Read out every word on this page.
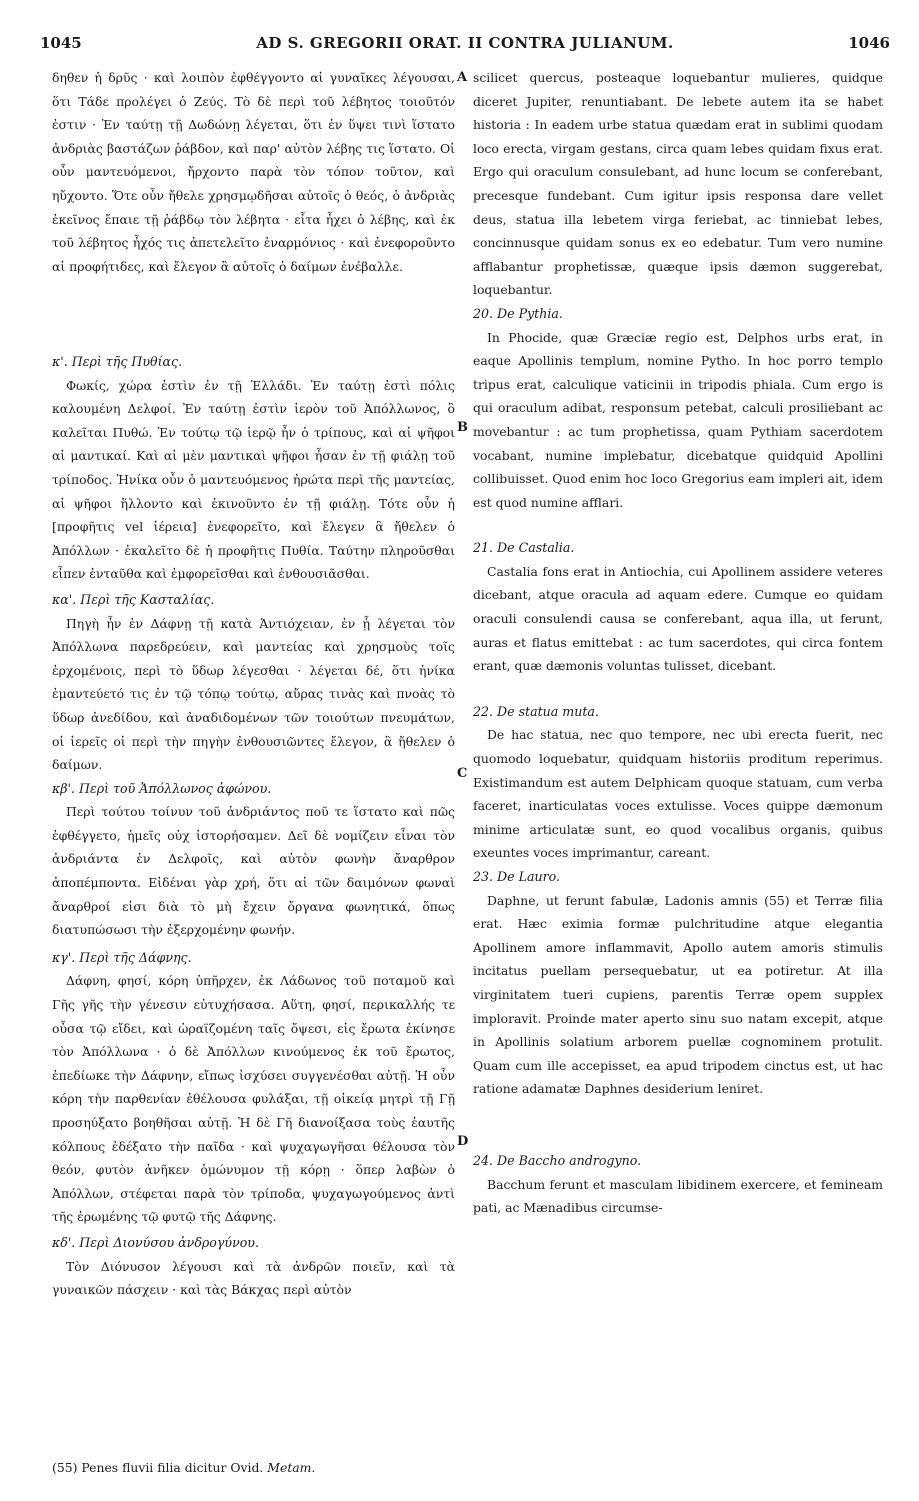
1045	AD S. GREGORII ORAT. II CONTRA JULIANUM.	1046

δηθεν ἡ δρῦς · καὶ λοιπὸν ἐφθέγγοντο αἱ γυναῖκες λέγουσαι, ὅτι Τάδε προλέγει ὁ Ζεύς. Τὸ δὲ περὶ τοῦ λέβητος τοιοῦτόν ἐστιν · Ἐν ταύτῃ τῇ Δωδώνῃ λέγεται, ὅτι ἐν ὕψει τινὶ ἵστατο ἀνδριὰς βαστάζων ῥάβδον, καὶ παρ' αὐτὸν λέβης τις ἵστατο. Οἱ οὖν μαντευόμενοι, ἤρχοντο παρὰ τὸν τόπον τοῦτον, καὶ ηὔχοντο. Ὅτε οὖν ἤθελε χρησμῳδῆσαι αὐτοῖς ὁ θεός, ὁ ἀνδριὰς ἐκεῖνος ἔπαιε τῇ ῥάβδῳ τὸν λέβητα · εἶτα ἦχει ὁ λέβης, καὶ ἐκ τοῦ λέβητος ἦχός τις ἀπετελεῖτο ἐναρμόνιος · καὶ ἐνεφοροῦντο αἱ προφήτιδες, καὶ ἔλεγον ἃ αὐτοῖς ὁ δαίμων ἐνέβαλλε.

κ'. Περὶ τῆς Πυθίας.

Φωκίς, χώρα ἐστὶν ἐν τῇ Ἑλλάδι. Ἐν ταύτῃ ἐστὶ πόλις καλουμένη Δελφοί. Ἐν ταύτῃ ἐστὶν ἱερὸν τοῦ Ἀπόλλωνος, ὃ καλεῖται Πυθώ. Ἐν τούτῳ τῷ ἱερῷ ἦν ὁ τρίπους, καὶ αἱ ψῆφοι αἱ μαντικαί. Καὶ αἱ μὲν μαντικαὶ ψῆφοι ἦσαν ἐν τῇ φιάλῃ τοῦ τρίποδος. Ἡνίκα οὖν ὁ μαντευόμενος ἠρώτα περὶ τῆς μαντείας, αἱ ψῆφοι ἥλλοντο καὶ ἐκινοῦντο ἐν τῇ φιάλῃ. Τότε οὖν ἡ [προφῆτις vel ἱέρεια] ἐνεφορεῖτο, καὶ ἔλεγεν ἃ ἤθελεν ὁ Ἀπόλλων · ἐκαλεῖτο δὲ ἡ προφῆτις Πυθία. Ταύτην πληροῦσθαι εἶπεν ἐνταῦθα καὶ ἐμφορεῖσθαι καὶ ἐνθουσιᾶσθαι.

κα'. Περὶ τῆς Κασταλίας.

Πηγὴ ἦν ἐν Δάφνῃ τῇ κατὰ Ἀντιόχειαν, ἐν ᾗ λέγεται τὸν Ἀπόλλωνα παρεδρεύειν, καὶ μαντείας καὶ χρησμοὺς τοῖς ἐρχομένοις, περὶ τὸ ὕδωρ λέγεσθαι · λέγεται δέ, ὅτι ἡνίκα ἐμαντεύετό τις ἐν τῷ τόπῳ τούτῳ, αὔρας τινὰς καὶ πνοὰς τὸ ὕδωρ ἀνεδίδου, καὶ ἀναδιδομένων τῶν τοιούτων πνευμάτων, οἱ ἱερεῖς οἱ περὶ τὴν πηγὴν ἐνθουσιῶντες ἔλεγον, ἃ ἤθελεν ὁ δαίμων.

κβ'. Περὶ τοῦ Ἀπόλλωνος ἀφώνου.

Περὶ τούτου τοίνυν τοῦ ἀνδριάντος ποῦ τε ἵστατο καὶ πῶς ἐφθέγγετο, ἡμεῖς οὐχ ἱστορήσαμεν. Δεῖ δὲ νομίζειν εἶναι τὸν ἀνδριάντα ἐν Δελφοῖς, καὶ αὐτὸν φωνὴν ἄναρθρον ἀποπέμποντα. Εἰδέναι γὰρ χρή, ὅτι αἱ τῶν δαιμόνων φωναὶ ἄναρθροί εἰσι διὰ τὸ μὴ ἔχειν ὄργανα φωνητικά, ὅπως διατυπώσωσι τὴν ἐξερχομένην φωνήν.

κγ'. Περὶ τῆς Δάφνης.

Δάφνη, φησί, κόρη ὑπῆρχεν, ἐκ Λάδωνος τοῦ ποταμοῦ καὶ Γῆς γῆς τὴν γένεσιν εὐτυχήσασα. Αὕτη, φησί, περικαλλής τε οὖσα τῷ εἴδει, καὶ ὡραϊζομένη ταῖς ὄψεσι, εἰς ἔρωτα ἐκίνησε τὸν Ἀπόλλωνα · ὁ δὲ Ἀπόλλων κινούμενος ἐκ τοῦ ἔρωτος, ἐπεδίωκε τὴν Δάφνην, εἴπως ἰσχύσει συγγενέσθαι αὐτῇ. Ἡ οὖν κόρη τὴν παρθενίαν ἐθέλουσα φυλάξαι, τῇ οἰκείᾳ μητρὶ τῇ Γῇ προσηύξατο βοηθῆσαι αὐτῇ. Ἡ δὲ Γῆ διανοίξασα τοὺς ἑαυτῆς κόλπους ἐδέξατο τὴν παῖδα · καὶ ψυχαγωγῆσαι θέλουσα τὸν θεόν, φυτὸν ἀνῆκεν ὁμώνυμον τῇ κόρῃ · ὅπερ λαβὼν ὁ Ἀπόλλων, στέφεται παρὰ τὸν τρίποδα, ψυχαγωγούμενος ἀντὶ τῆς ἐρωμένης τῷ φυτῷ τῆς Δάφνης.

κδ'. Περὶ Διονύσου ἀνδρογύνου.

Τὸν Διόνυσον λέγουσι καὶ τὰ ἀνδρῶν ποιεῖν, καὶ τὰ γυναικῶν πάσχειν · καὶ τὰς Βάκχας περὶ αὐτὸν

A
B
C
D

scilicet quercus, posteaque loquebantur mulieres, quidque diceret Jupiter, renuntiabant. De lebete autem ita se habet historia : In eadem urbe statua quædam erat in sublimi quodam loco erecta, virgam gestans, circa quam lebes quidam fixus erat. Ergo qui oraculum consulebant, ad hunc locum se conferebant, precesque fundebant. Cum igitur ipsis responsa dare vellet deus, statua illa lebetem virga feriebat, ac tinniebat lebes, concinnusque quidam sonus ex eo edebatur. Tum vero numine afflabantur prophetissæ, quæque ipsis dæmon suggerebat, loquebantur.

20. De Pythia.

In Phocide, quæ Græciæ regio est, Delphos urbs erat, in eaque Apollinis templum, nomine Pytho. In hoc porro templo tripus erat, calculique vaticinii in tripodis phiala. Cum ergo is qui oraculum adibat, responsum petebat, calculi prosiliebant ac movebantur : ac tum prophetissa, quam Pythiam sacerdotem vocabant, numine implebatur, dicebatque quidquid Apollini collibuisset. Quod enim hoc loco Gregorius eam impleri ait, idem est quod numine afflari.

21. De Castalia.

Castalia fons erat in Antiochia, cui Apollinem assidere veteres dicebant, atque oracula ad aquam edere. Cumque eo quidam oraculi consulendi causa se conferebant, aqua illa, ut ferunt, auras et flatus emittebat : ac tum sacerdotes, qui circa fontem erant, quæ dæmonis voluntas tulisset, dicebant.

22. De statua muta.

De hac statua, nec quo tempore, nec ubi erecta fuerit, nec quomodo loquebatur, quidquam historiis proditum reperimus. Existimandum est autem Delphicam quoque statuam, cum verba faceret, inarticulatas voces extulisse. Voces quippe dæmonum minime articulatæ sunt, eo quod vocalibus organis, quibus exeuntes voces imprimantur, careant.

23. De Lauro.

Daphne, ut ferunt fabulæ, Ladonis amnis (55) et Terræ filia erat. Hæc eximia formæ pulchritudine atque elegantia Apollinem amore inflammavit, Apollo autem amoris stimulis incitatus puellam persequebatur, ut ea potiretur. At illa virginitatem tueri cupiens, parentis Terræ opem supplex imploravit. Proinde mater aperto sinu suo natam excepit, atque in Apollinis solatium arborem puellæ cognominem protulit. Quam cum ille accepisset, ea apud tripodem cinctus est, ut hac ratione adamatæ Daphnes desiderium leniret.

24. De Baccho androgyno.

Bacchum ferunt et masculam libidinem exercere, et femineam pati, ac Mænadibus circumse-

(55) Penes fluvii filia dicitur Ovid. Metam.
